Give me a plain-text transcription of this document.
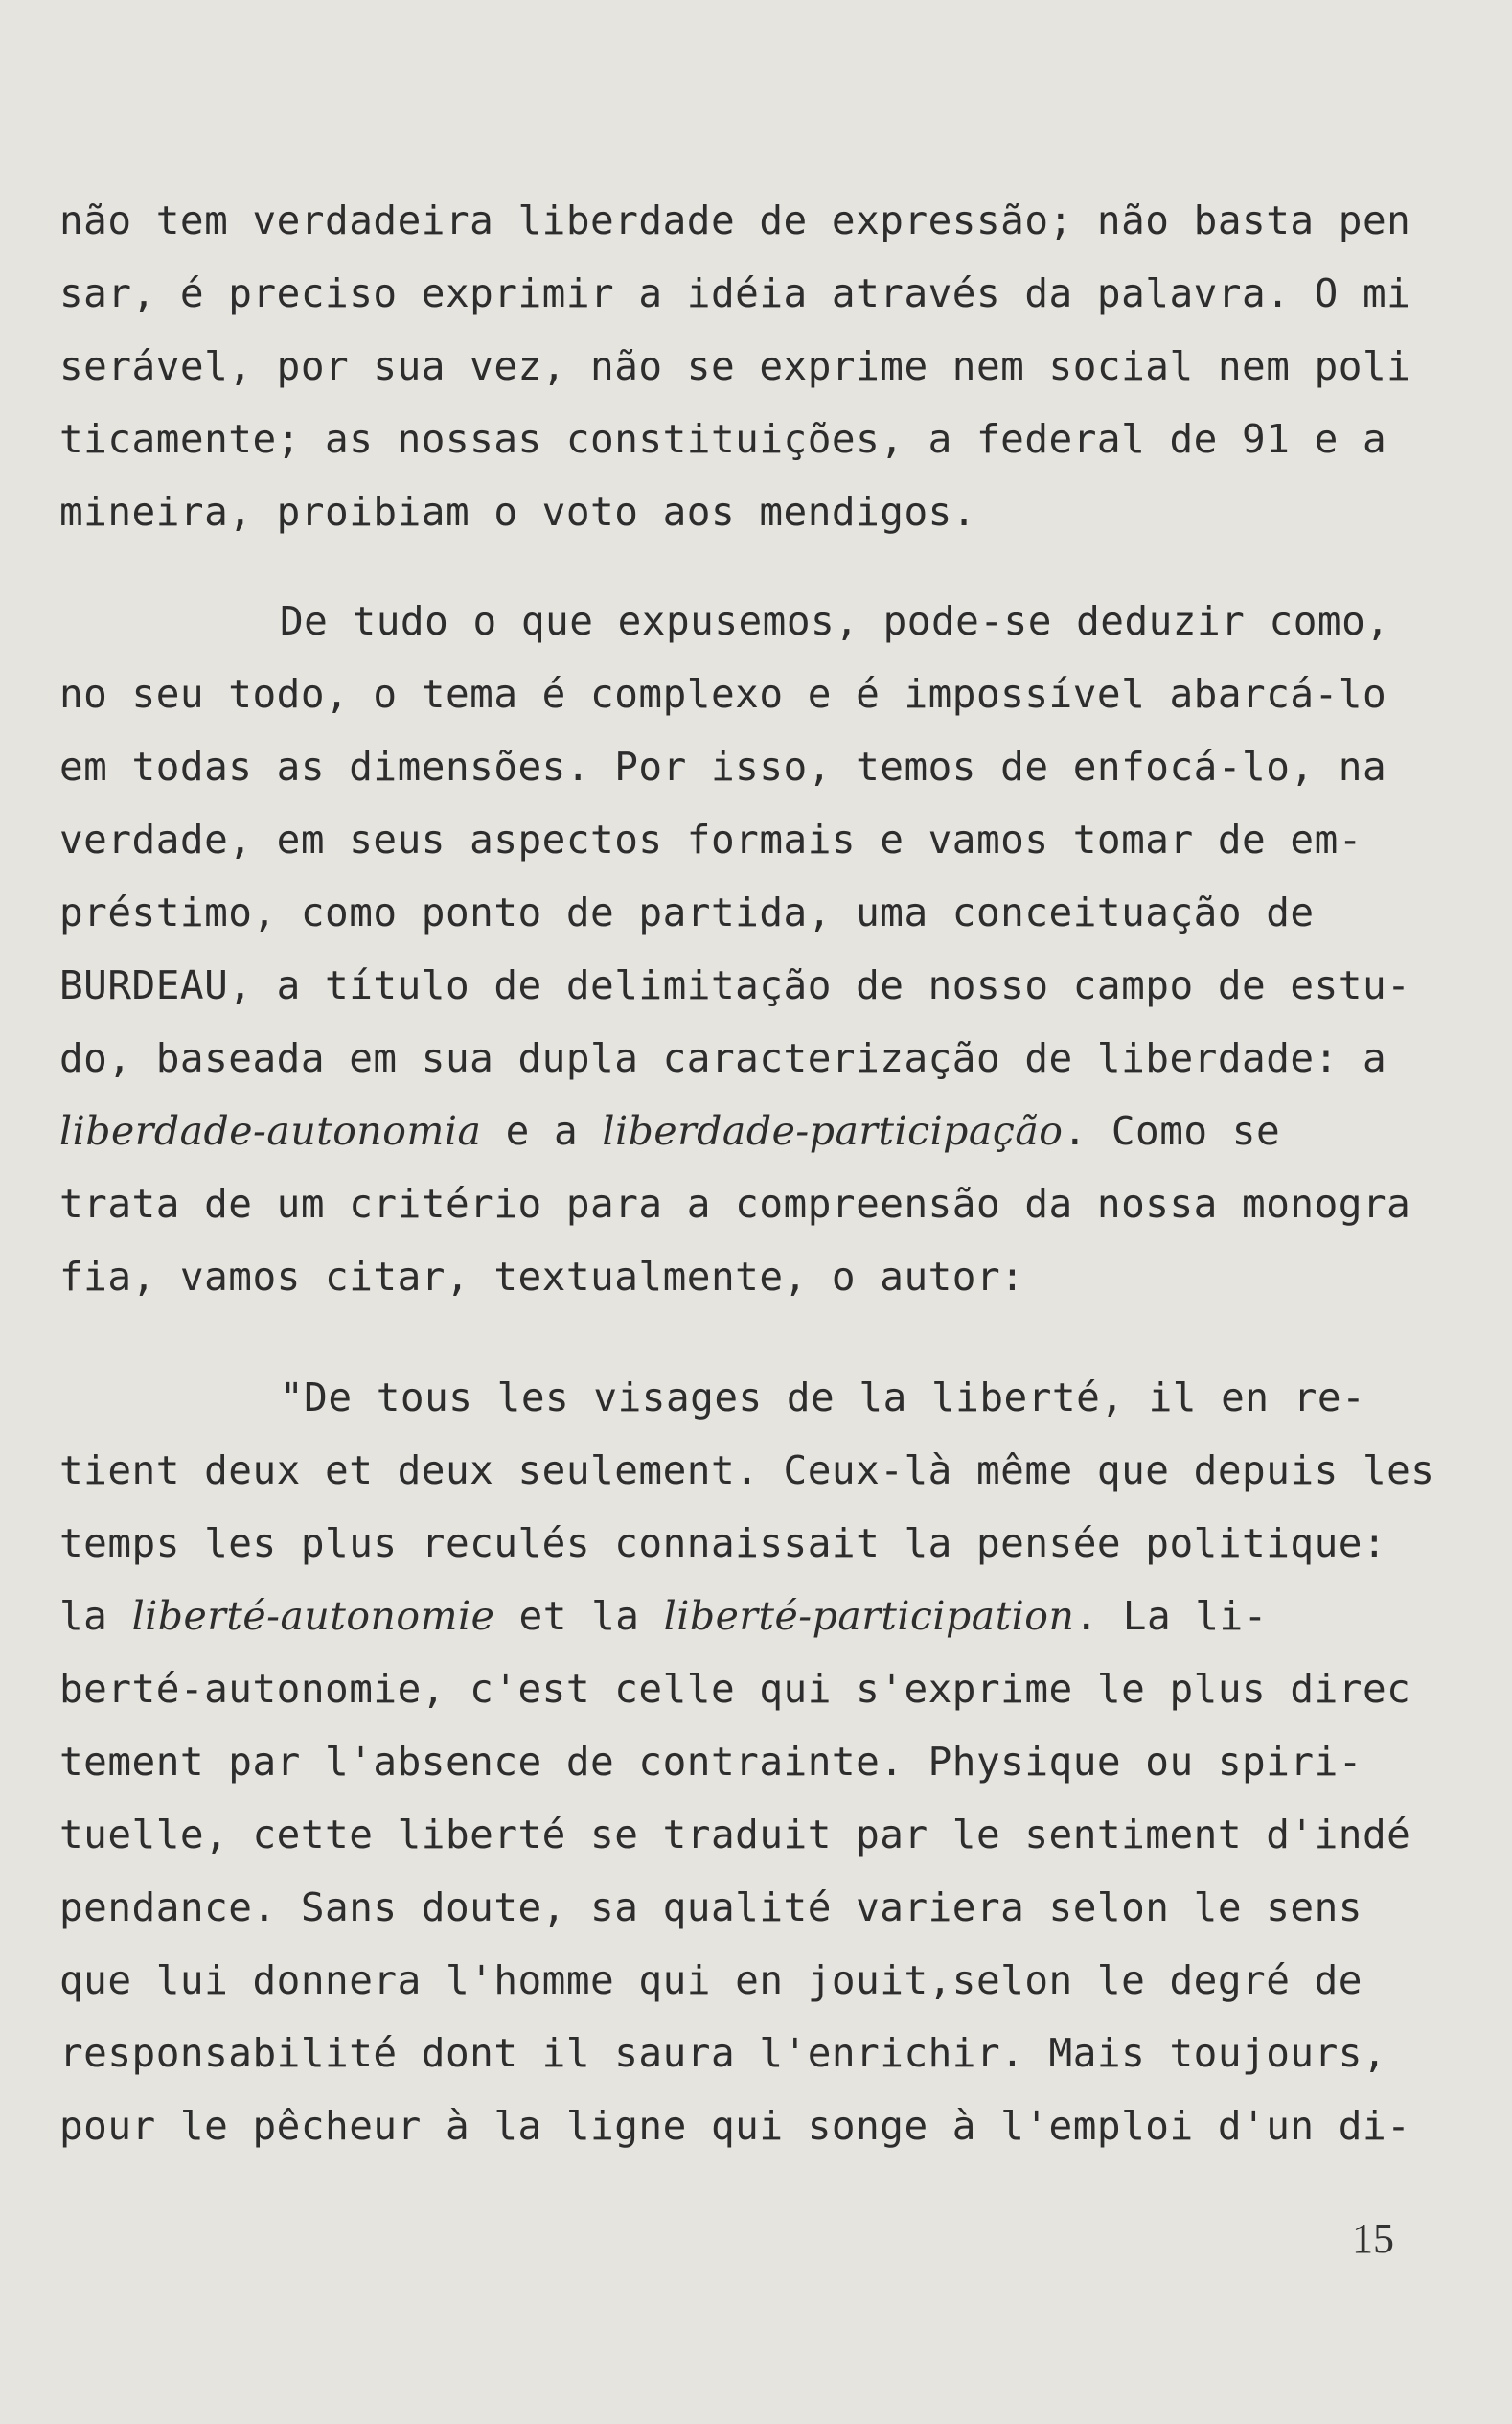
não tem verdadeira liberdade de expressão; não basta pen
sar, é preciso exprimir a idéia através da palavra. O mi
serável, por sua vez, não se exprime nem social nem poli
ticamente; as nossas constituições, a federal de 91 e a
mineira, proibiam o voto aos mendigos.
De tudo o que expusemos, pode-se deduzir como,
no seu todo, o tema é complexo e é impossível abarcá-lo
em todas as dimensões. Por isso, temos de enfocá-lo, na
verdade, em seus aspectos formais e vamos tomar de em-
préstimo, como ponto de partida, uma conceituação de
BURDEAU, a título de delimitação de nosso campo de estu-
do, baseada em sua dupla caracterização de liberdade: a
liberdade-autonomia e a liberdade-participação . Como se
trata de um critério para a compreensão da nossa monogra
fia, vamos citar, textualmente, o autor:
"De tous les visages de la liberté, il en re-
tient deux et deux seulement. Ceux-là même que depuis les
temps les plus reculés connaissait la pensée politique:
la liberté-autonomie et la liberté-participation . La li-
berté-autonomie, c'est celle qui s'exprime le plus direc
tement par l'absence de contrainte. Physique ou spiri-
tuelle, cette liberté se traduit par le sentiment d'indé
pendance. Sans doute, sa qualité variera selon le sens
que lui donnera l'homme qui en jouit,selon le degré de
responsabilité dont il saura l'enrichir. Mais toujours,
pour le pêcheur à la ligne qui songe à l'emploi d'un di-
15
